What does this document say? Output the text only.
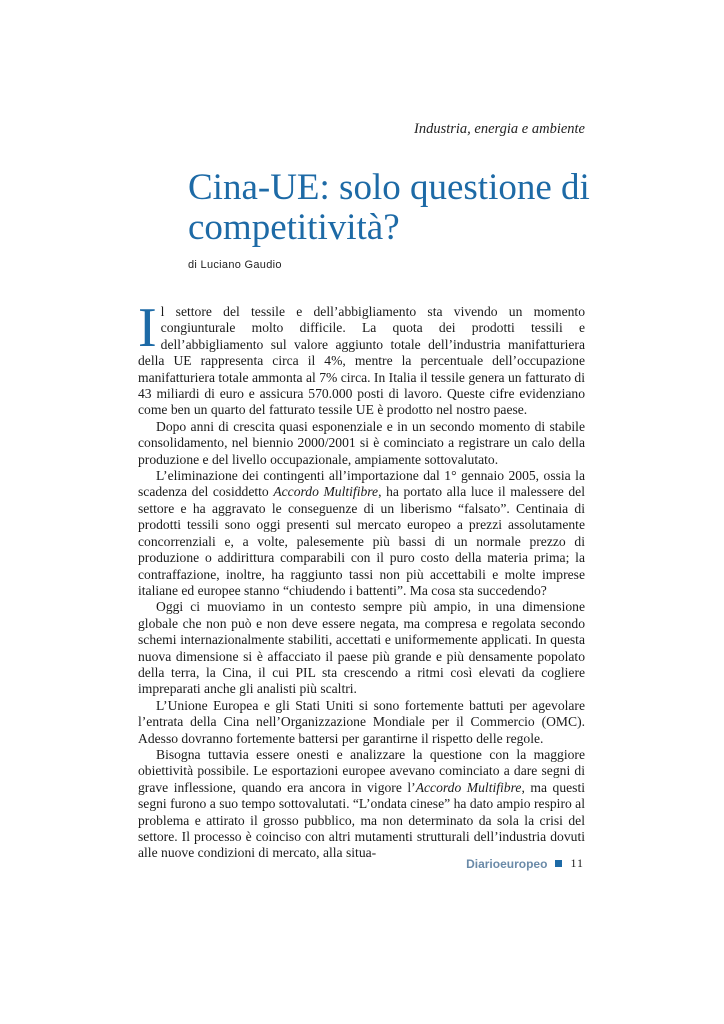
Industria, energia e ambiente
Cina-UE: solo questione di competitività?
di Luciano Gaudio

Il settore del tessile e dell’abbigliamento sta vivendo un momento congiunturale molto difficile. La quota dei prodotti tessili e dell’abbigliamento sul valore aggiunto totale dell’industria manifatturiera della UE rappresenta circa il 4%, mentre la percentuale dell’occupazione manifatturiera totale ammonta al 7% circa. In Italia il tessile genera un fatturato di 43 miliardi di euro e assicura 570.000 posti di lavoro. Queste cifre evidenziano come ben un quarto del fatturato tessile UE è prodotto nel nostro paese.

Dopo anni di crescita quasi esponenziale e in un secondo momento di stabile consolidamento, nel biennio 2000/2001 si è cominciato a registrare un calo della produzione e del livello occupazionale, ampiamente sottovalutato.

L’eliminazione dei contingenti all’importazione dal 1° gennaio 2005, ossia la scadenza del cosiddetto Accordo Multifibre, ha portato alla luce il malessere del settore e ha aggravato le conseguenze di un liberismo “falsato”. Centinaia di prodotti tessili sono oggi presenti sul mercato europeo a prezzi assolutamente concorrenziali e, a volte, palesemente più bassi di un normale prezzo di produzione o addirittura comparabili con il puro costo della materia prima; la contraffazione, inoltre, ha raggiunto tassi non più accettabili e molte imprese italiane ed europee stanno “chiudendo i battenti”. Ma cosa sta succedendo?

Oggi ci muoviamo in un contesto sempre più ampio, in una dimensione globale che non può e non deve essere negata, ma compresa e regolata secondo schemi internazionalmente stabiliti, accettati e uniformemente applicati. In questa nuova dimensione si è affacciato il paese più grande e più densamente popolato della terra, la Cina, il cui PIL sta crescendo a ritmi così elevati da cogliere impreparati anche gli analisti più scaltri.

L’Unione Europea e gli Stati Uniti si sono fortemente battuti per agevolare l’entrata della Cina nell’Organizzazione Mondiale per il Commercio (OMC). Adesso dovranno fortemente battersi per garantirne il rispetto delle regole.

Bisogna tuttavia essere onesti e analizzare la questione con la maggiore obiettività possibile. Le esportazioni europee avevano cominciato a dare segni di grave inflessione, quando era ancora in vigore l’Accordo Multifibre, ma questi segni furono a suo tempo sottovalutati. “L’ondata cinese” ha dato ampio respiro al problema e attirato il grosso pubblico, ma non determinato da sola la crisi del settore. Il processo è coinciso con altri mutamenti strutturali dell’industria dovuti alle nuove condizioni di mercato, alla situa-

Diarioeuropeo 11
